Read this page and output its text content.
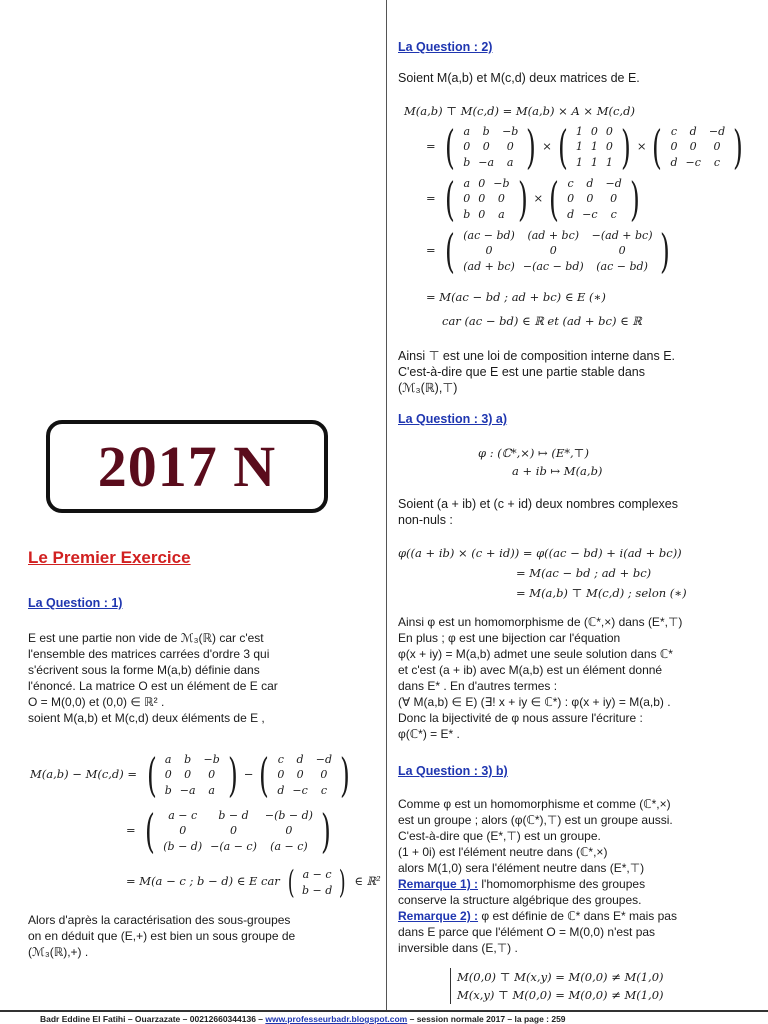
La Question : 2)
Soient M(a,b) et M(c,d) deux matrices de E.
M(a,b) ⊤ M(c,d) = M(a,b) × A × M(c,d)
= ( a	b	−b
0	0	0
b	−a	a ) × ( 1	0	0
1	1	0
1	1	1 ) × ( c	d	−d
0	0	0
d	−c	c )
= ( a	0	−b
0	0	0
b	0	a ) × ( c	d	−d
0	0	0
d	−c	c )
= ( (ac − bd)	(ad + bc)	−(ad + bc)
0	0	0
(ad + bc)	−(ac − bd)	(ac − bd) )
= M(ac − bd ; ad + bc) ∈ E (∗)
car (ac − bd) ∈ ℝ et (ad + bc) ∈ ℝ
Ainsi ⊤ est une loi de composition interne dans E.
C'est-à-dire que E est une partie stable dans
(ℳ₃(ℝ),⊤)
La Question : 3) a)
φ : (ℂ*,×) ↦ (E*,⊤)
a + ib ↦ M(a,b)
Soient (a + ib) et (c + id) deux nombres complexes
non-nuls :
φ((a + ib) × (c + id)) = φ((ac − bd) + i(ad + bc))
= M(ac − bd ; ad + bc)
= M(a,b) ⊤ M(c,d) ; selon (∗)
Ainsi φ est un homomorphisme de (ℂ*,×) dans (E*,⊤)
En plus ; φ est une bijection car l'équation
φ(x + iy) = M(a,b) admet une seule solution dans ℂ*
et c'est (a + ib) avec M(a,b) est un élément donné
dans E* . En d'autres termes :
(∀ M(a,b) ∈ E) (∃! x + iy ∈ ℂ*) : φ(x + iy) = M(a,b) .
Donc la bijectivité de φ nous assure l'écriture :
φ(ℂ*) = E* .
La Question : 3) b)
Comme φ est un homomorphisme et comme (ℂ*,×)
est un groupe ; alors (φ(ℂ*),⊤) est un groupe aussi.
C'est-à-dire que (E*,⊤) est un groupe.
(1 + 0i) est l'élément neutre dans (ℂ*,×)
alors M(1,0) sera l'élément neutre dans (E*,⊤)
Remarque 1) : l'homomorphisme des groupes
conserve la structure algébrique des groupes.
Remarque 2) : φ est définie de ℂ* dans E* mais pas
dans E parce que l'élément O = M(0,0) n'est pas
inversible dans (E,⊤) .
M(0,0) ⊤ M(x,y) = M(0,0) ≠ M(1,0)
M(x,y) ⊤ M(0,0) = M(0,0) ≠ M(1,0)
2017 N
Le Premier Exercice
La Question : 1)
E est une partie non vide de ℳ₃(ℝ) car c'est
l'ensemble des matrices carrées d'ordre 3 qui
s'écrivent sous la forme M(a,b) définie dans
l'énoncé. La matrice O est un élément de E car
O = M(0,0) et (0,0) ∈ ℝ² .
soient M(a,b) et M(c,d) deux éléments de E ,
M(a,b) − M(c,d) = ( a	b	−b
0	0	0
b	−a	a ) − ( c	d	−d
0	0	0
d	−c	c )
= ( a − c	b − d	−(b − d)
0	0	0
(b − d)	−(a − c)	(a − c) )
= M(a − c ; b − d) ∈ E car ( a − c
b − d ) ∈ ℝ²
Alors d'après la caractérisation des sous-groupes
on en déduit que (E,+) est bien un sous groupe de
(ℳ₃(ℝ),+) .
Badr Eddine El Fatihi – Ouarzazate – 00212660344136 – www.professeurbadr.blogspot.com – session normale 2017 – la page : 259
